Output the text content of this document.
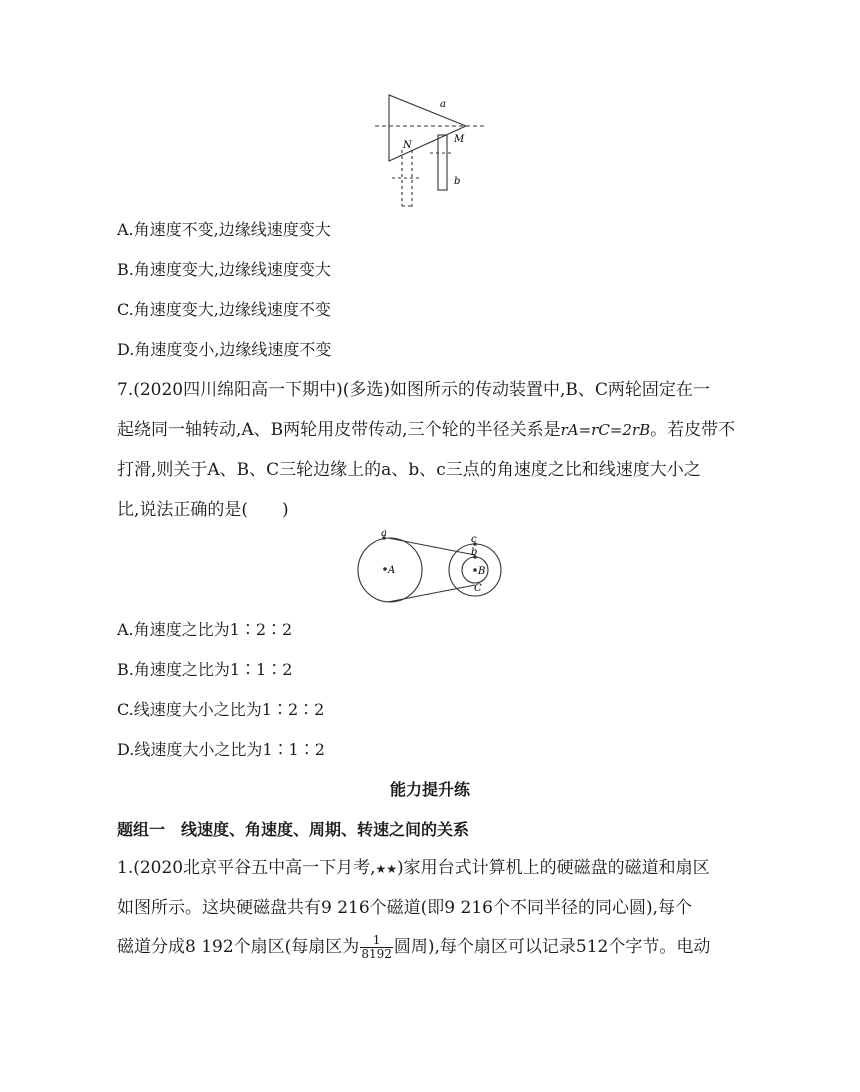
a
N
M
b
A.角速度不变,边缘线速度变大
B.角速度变大,边缘线速度变大
C.角速度变大,边缘线速度不变
D.角速度变小,边缘线速度不变
7.(2020四川绵阳高一下期中)(多选)如图所示的传动装置中,B、C两轮固定在一
起绕同一轴转动,A、B两轮用皮带传动,三个轮的半径关系是rA=rC=2rB。若皮带不
打滑,则关于A、B、C三轮边缘上的a、b、c三点的角速度之比和线速度大小之
比,说法正确的是(　　)
a
A
c
b
B
C
A.角速度之比为1∶2∶2
B.角速度之比为1∶1∶2
C.线速度大小之比为1∶2∶2
D.线速度大小之比为1∶1∶2
能力提升练
题组一　线速度、角速度、周期、转速之间的关系
1.(2020北京平谷五中高一下月考,★★)家用台式计算机上的硬磁盘的磁道和扇区
如图所示。这块硬磁盘共有9 216个磁道(即9 216个不同半径的同心圆),每个
磁道分成8 192个扇区(每扇区为 $\frac{1}{8192}$ 圆周),每个扇区可以记录512个字节。电动
